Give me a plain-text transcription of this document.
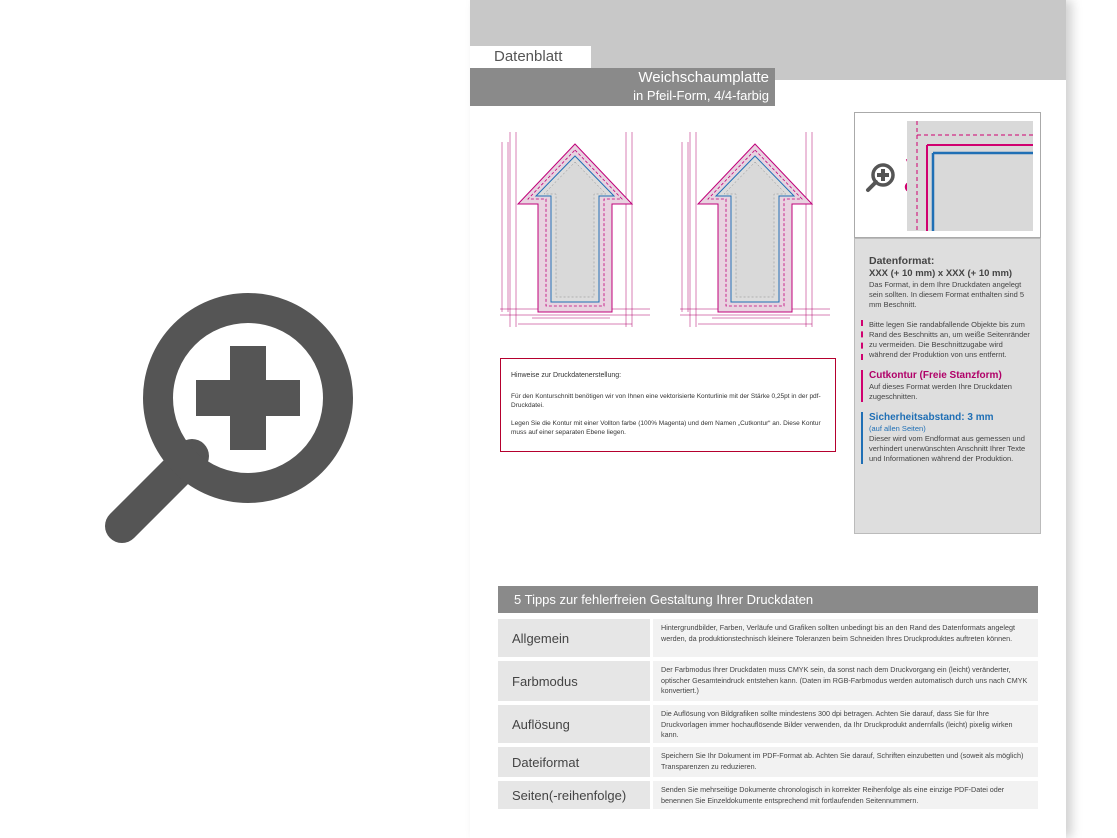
Datenblatt
Weichschaumplatte
in Pfeil-Form, 4/4-farbig
Hinweise zur Druckdatenerstellung:

Für den Konturschnitt benötigen wir von Ihnen eine vektorisierte Konturlinie mit der Stärke 0,25pt in der pdf-Druckdatei.

Legen Sie die Kontur mit einer Vollton farbe (100% Magenta) und dem Namen „Cutkontur“ an. Diese Kontur muss auf einer separaten Ebene liegen.

Datenformat:
XXX (+ 10 mm) x XXX (+ 10 mm)
Das Format, in dem Ihre Druckdaten angelegt sein sollten. In diesem Format enthalten sind 5 mm Beschnitt.
Bitte legen Sie randabfallende Objekte bis zum Rand des Beschnitts an, um weiße Seitenränder zu vermeiden. Die Beschnittzugabe wird während der Produktion von uns entfernt.
Cutkontur (Freie Stanzform)
Auf dieses Format werden Ihre Druckdaten zugeschnitten.
Sicherheitsabstand: 3 mm
(auf allen Seiten)
Dieser wird vom Endformat aus gemessen und verhindert unerwünschten Anschnitt Ihrer Texte und Informationen während der Produktion.
5 Tipps zur fehlerfreien Gestaltung Ihrer Druckdaten
Allgemein
Hintergrundbilder, Farben, Verläufe und Grafiken sollten unbedingt bis an den Rand des Datenformats angelegt werden, da produktionstechnisch kleinere Toleranzen beim Schneiden Ihres Druckproduktes auftreten können.
Farbmodus
Der Farbmodus Ihrer Druckdaten muss CMYK sein, da sonst nach dem Druckvorgang ein (leicht) veränderter, optischer Gesamteindruck entstehen kann. (Daten im RGB-Farbmodus werden automatisch durch uns nach CMYK konvertiert.)
Auflösung
Die Auflösung von Bildgrafiken sollte mindestens 300 dpi betragen. Achten Sie darauf, dass Sie für Ihre Druckvorlagen immer hochauflösende Bilder verwenden, da Ihr Druckprodukt andernfalls (leicht) pixelig wirken kann.
Dateiformat	Speichern Sie Ihr Dokument im PDF-Format ab. Achten Sie darauf, Schriften einzubetten und (soweit als möglich) Transparenzen zu reduzieren.
Seiten(-reihenfolge)	Senden Sie mehrseitige Dokumente chronologisch in korrekter Reihenfolge als eine einzige PDF-Datei oder benennen Sie Einzeldokumente entsprechend mit fortlaufenden Seitennummern.
